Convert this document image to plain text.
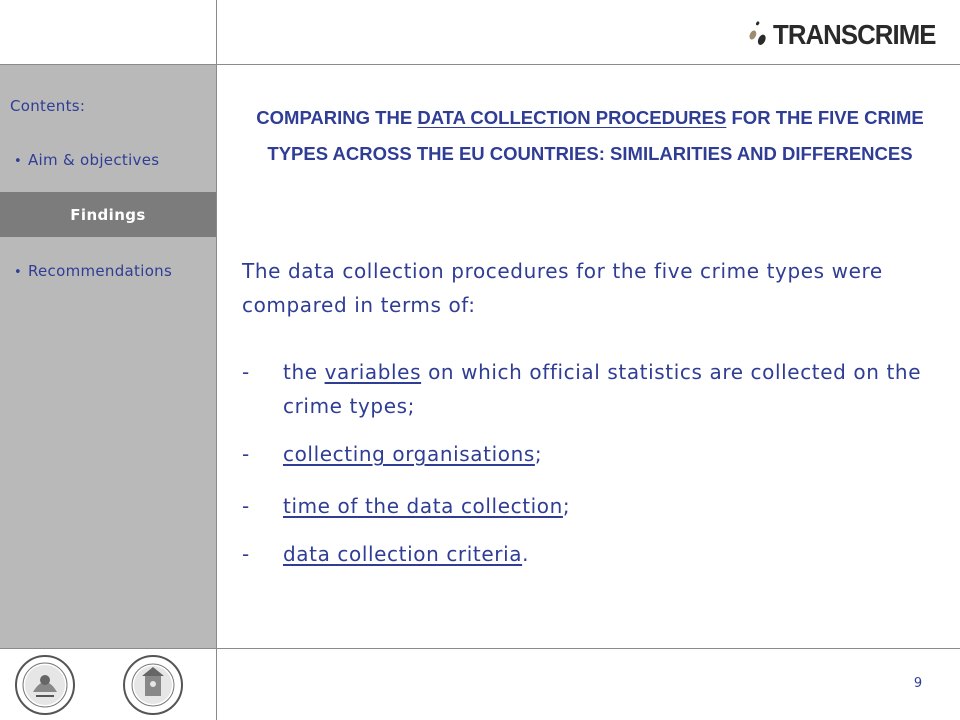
TRANSCRIME
Contents:
• Aim & objectives
Findings
• Recommendations
COMPARING THE DATA COLLECTION PROCEDURES FOR THE FIVE CRIME TYPES ACROSS THE EU COUNTRIES: SIMILARITIES AND DIFFERENCES
The data collection procedures for the five crime types were compared in terms of:
- the variables on which official statistics are collected on the crime types;
- collecting organisations;
- time of the data collection;
- data collection criteria.
9
